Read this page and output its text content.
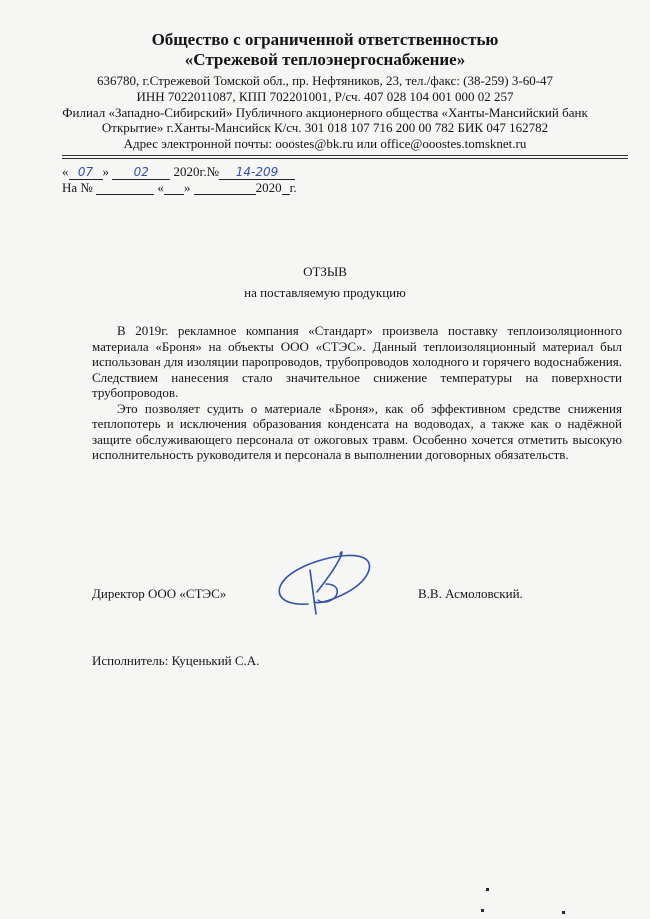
Общество с ограниченной ответственностью
«Стрежевой теплоэнергоснабжение»
636780, г.Стрежевой Томской обл., пр. Нефтяников, 23, тел./факс: (38-259) 3-60-47
ИНН 7022011087, КПП 702201001, Р/сч. 407 028 104 001 000 02 257
Филиал «Западно-Сибирский» Публичного акционерного общества «Ханты-Мансийский банк
Открытие» г.Ханты-Мансийск К/сч. 301 018 107 716 200 00 782 БИК 047 162782
Адрес электронной почты: ooostes@bk.ru или office@ooostes.tomsknet.ru
« 07 » 02 2020г.№ 14-209
На №	« »	2020 г.
ОТЗЫВ
на поставляемую продукцию

В 2019г. рекламное компания «Стандарт» произвела поставку теплоизоляционного материала «Броня» на объекты ООО «СТЭС». Данный теплоизоляционный материал был использован для изоляции паропроводов, трубопроводов холодного и горячего водоснабжения. Следствием нанесения стало значительное снижение температуры на поверхности трубопроводов.

Это позволяет судить о материале «Броня», как об эффективном средстве снижения теплопотерь и исключения образования конденсата на водоводах, а также как о надёжной защите обслуживающего персонала от ожоговых травм. Особенно хочется отметить высокую исполнительность руководителя и персонала в выполнении договорных обязательств.

Директор ООО «СТЭС»	В.В. Асмоловский.
Исполнитель: Куценький С.А.
